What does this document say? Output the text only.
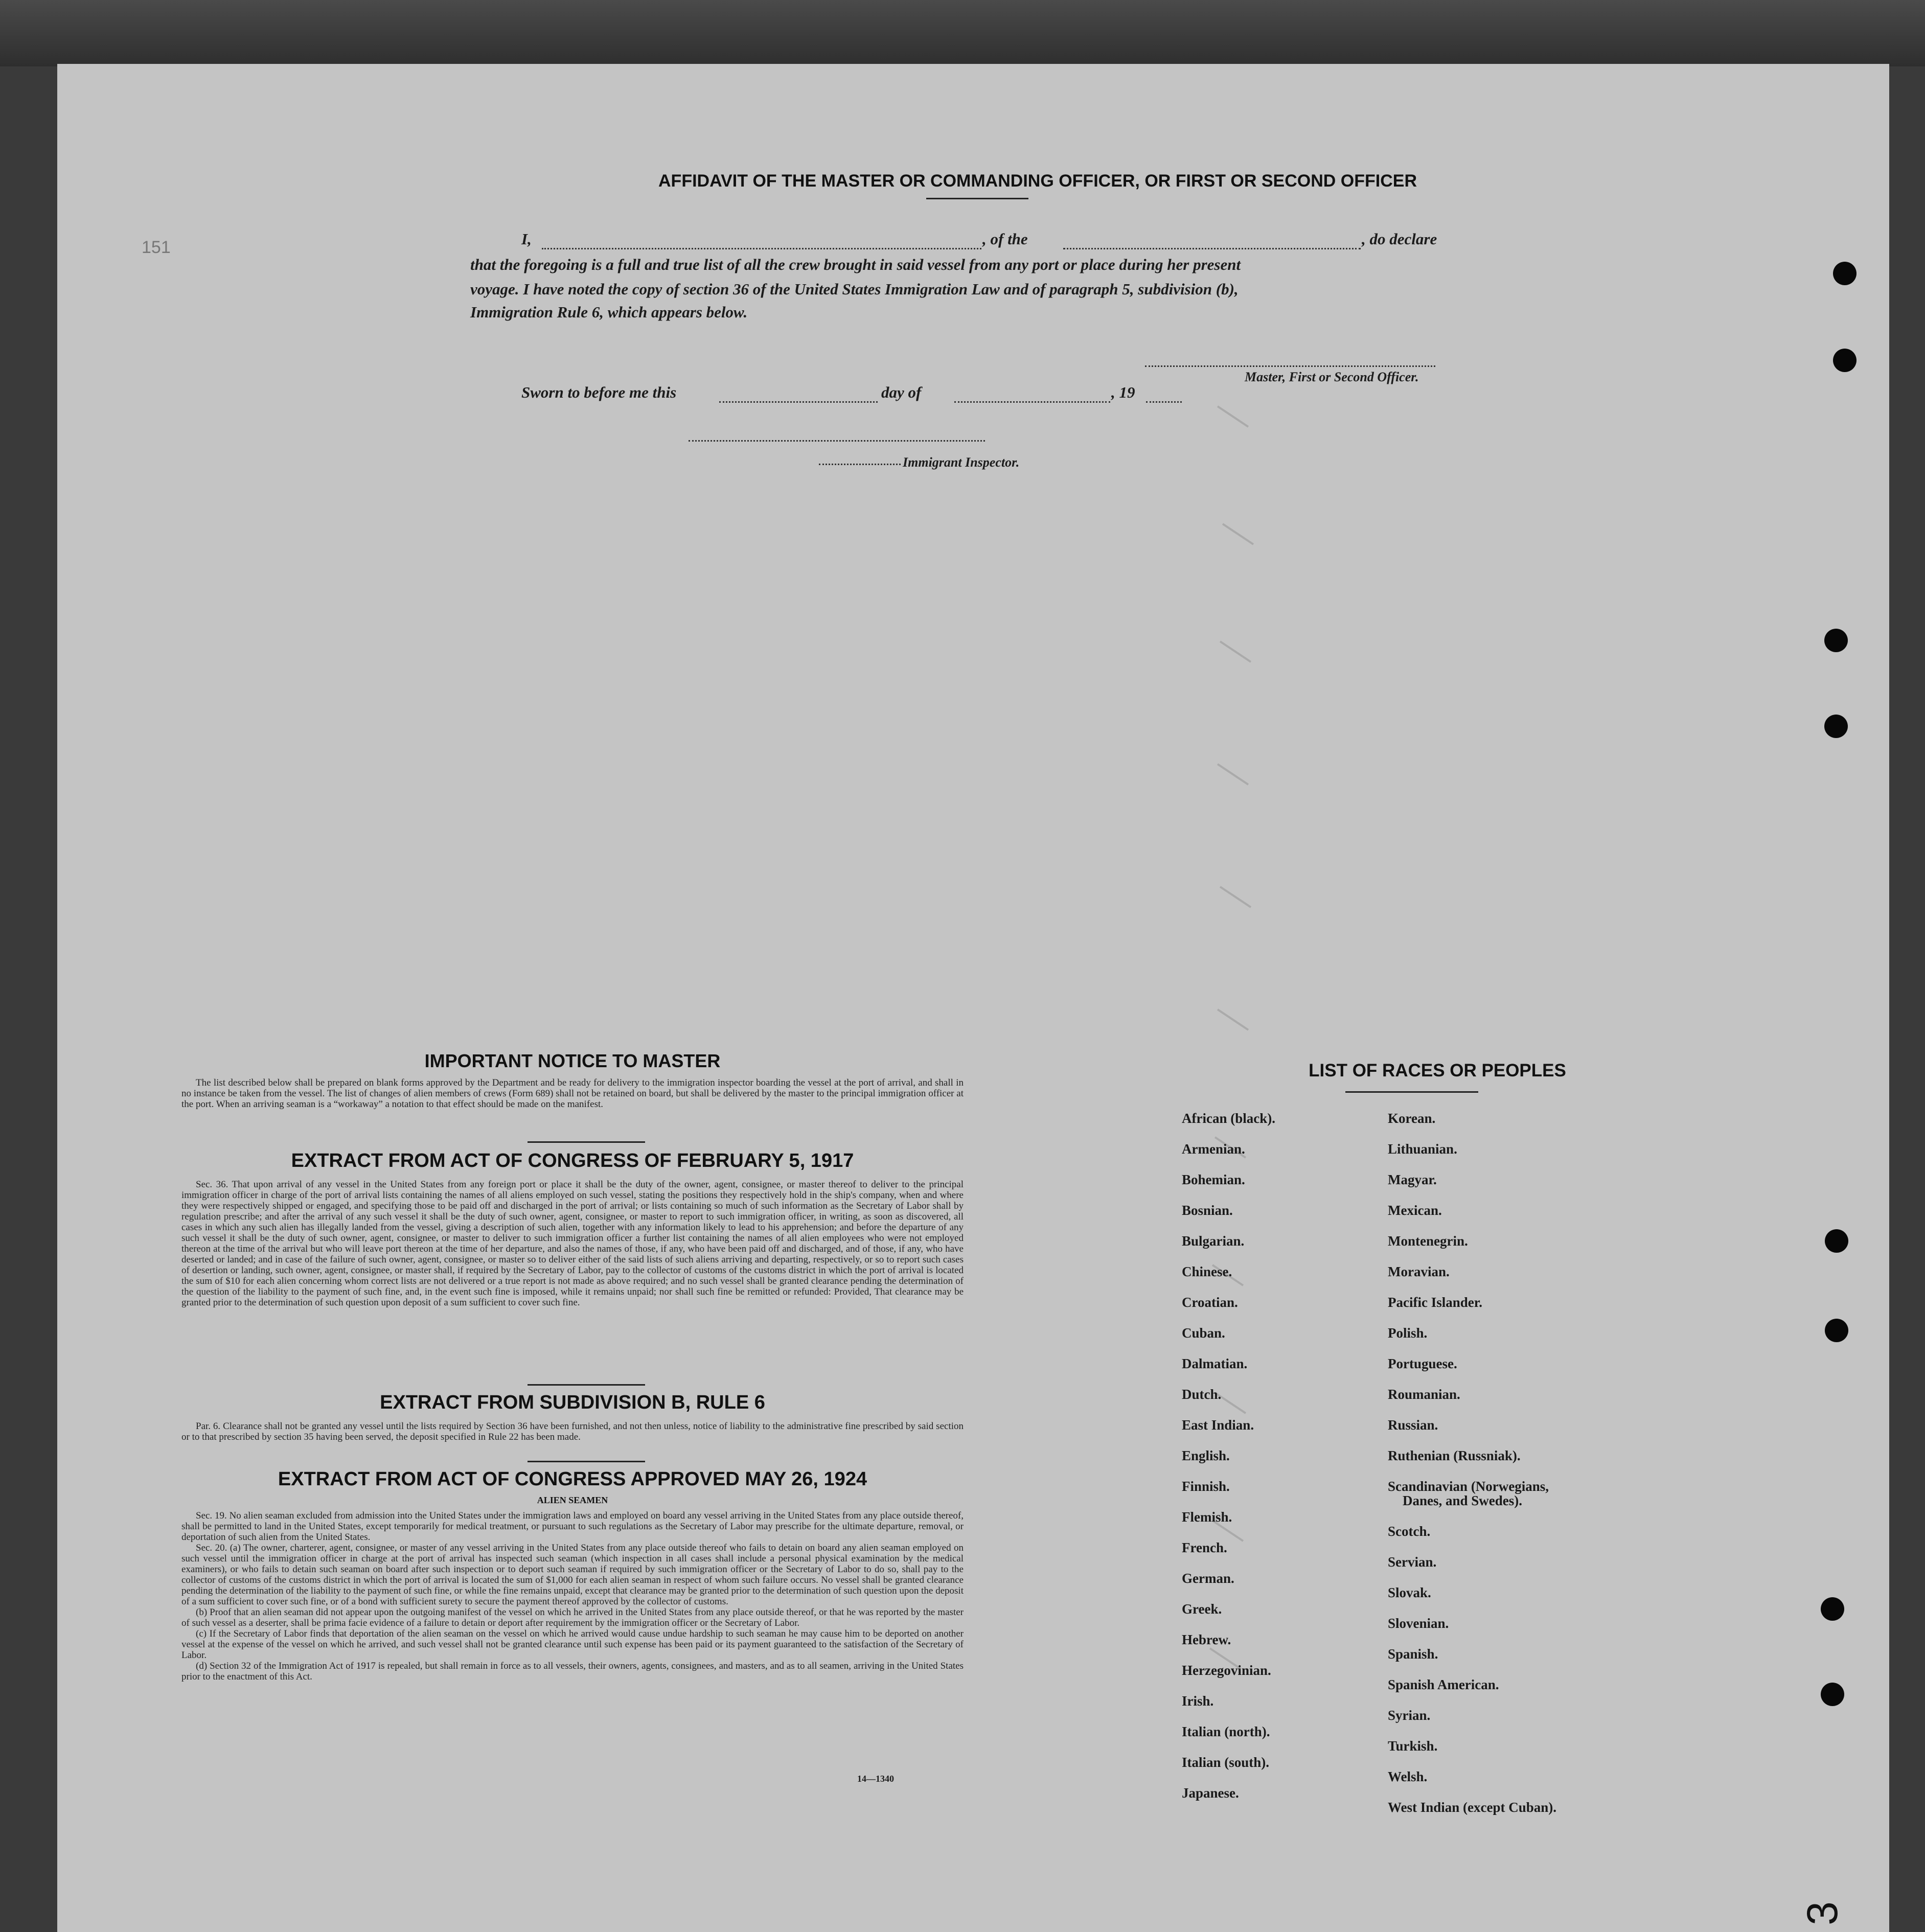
151
3
AFFIDAVIT OF THE MASTER OR COMMANDING OFFICER, OR FIRST OR SECOND OFFICER
I,	, of the	, do declare
that the foregoing is a full and true list of all the crew brought in said vessel from any port or place during her present
voyage. I have noted the copy of section 36 of the United States Immigration Law and of paragraph 5, subdivision (b),
Immigration Rule 6, which appears below.
Master, First or Second Officer.
Sworn to before me this	day of	, 19
Immigrant Inspector.
IMPORTANT NOTICE TO MASTER

The list described below shall be prepared on blank forms approved by the Department and be ready for delivery to the immigration inspector boarding the vessel at the port of arrival, and shall in no instance be taken from the vessel. The list of changes of alien members of crews (Form 689) shall not be retained on board, but shall be delivered by the master to the principal immigration officer at the port. When an arriving seaman is a “workaway” a notation to that effect should be made on the manifest.

EXTRACT FROM ACT OF CONGRESS OF FEBRUARY 5, 1917

Sec. 36. That upon arrival of any vessel in the United States from any foreign port or place it shall be the duty of the owner, agent, consignee, or master thereof to deliver to the principal immigration officer in charge of the port of arrival lists containing the names of all aliens employed on such vessel, stating the positions they respectively hold in the ship's company, when and where they were respectively shipped or engaged, and specifying those to be paid off and discharged in the port of arrival; or lists containing so much of such information as the Secretary of Labor shall by regulation prescribe; and after the arrival of any such vessel it shall be the duty of such owner, agent, consignee, or master to report to such immigration officer, in writing, as soon as discovered, all cases in which any such alien has illegally landed from the vessel, giving a description of such alien, together with any information likely to lead to his apprehension; and before the departure of any such vessel it shall be the duty of such owner, agent, consignee, or master to deliver to such immigration officer a further list containing the names of all alien employees who were not employed thereon at the time of the arrival but who will leave port thereon at the time of her departure, and also the names of those, if any, who have been paid off and discharged, and of those, if any, who have deserted or landed; and in case of the failure of such owner, agent, consignee, or master so to deliver either of the said lists of such aliens arriving and departing, respectively, or so to report such cases of desertion or landing, such owner, agent, consignee, or master shall, if required by the Secretary of Labor, pay to the collector of customs of the customs district in which the port of arrival is located the sum of $10 for each alien concerning whom correct lists are not delivered or a true report is not made as above required; and no such vessel shall be granted clearance pending the determination of the question of the liability to the payment of such fine, and, in the event such fine is imposed, while it remains unpaid; nor shall such fine be remitted or refunded: Provided, That clearance may be granted prior to the determination of such question upon deposit of a sum sufficient to cover such fine.

EXTRACT FROM SUBDIVISION B, RULE 6

Par. 6. Clearance shall not be granted any vessel until the lists required by Section 36 have been furnished, and not then unless, notice of liability to the administrative fine prescribed by said section or to that prescribed by section 35 having been served, the deposit specified in Rule 22 has been made.

EXTRACT FROM ACT OF CONGRESS APPROVED MAY 26, 1924
ALIEN SEAMEN

Sec. 19. No alien seaman excluded from admission into the United States under the immigration laws and employed on board any vessel arriving in the United States from any place outside thereof, shall be permitted to land in the United States, except temporarily for medical treatment, or pursuant to such regulations as the Secretary of Labor may prescribe for the ultimate departure, removal, or deportation of such alien from the United States.

Sec. 20. (a) The owner, charterer, agent, consignee, or master of any vessel arriving in the United States from any place outside thereof who fails to detain on board any alien seaman employed on such vessel until the immigration officer in charge at the port of arrival has inspected such seaman (which inspection in all cases shall include a personal physical examination by the medical examiners), or who fails to detain such seaman on board after such inspection or to deport such seaman if required by such immigration officer or the Secretary of Labor to do so, shall pay to the collector of customs of the customs district in which the port of arrival is located the sum of $1,000 for each alien seaman in respect of whom such failure occurs. No vessel shall be granted clearance pending the determination of the liability to the payment of such fine, or while the fine remains unpaid, except that clearance may be granted prior to the determination of such question upon the deposit of a sum sufficient to cover such fine, or of a bond with sufficient surety to secure the payment thereof approved by the collector of customs.

(b) Proof that an alien seaman did not appear upon the outgoing manifest of the vessel on which he arrived in the United States from any place outside thereof, or that he was reported by the master of such vessel as a deserter, shall be prima facie evidence of a failure to detain or deport after requirement by the immigration officer or the Secretary of Labor.

(c) If the Secretary of Labor finds that deportation of the alien seaman on the vessel on which he arrived would cause undue hardship to such seaman he may cause him to be deported on another vessel at the expense of the vessel on which he arrived, and such vessel shall not be granted clearance until such expense has been paid or its payment guaranteed to the satisfaction of the Secretary of Labor.

(d) Section 32 of the Immigration Act of 1917 is repealed, but shall remain in force as to all vessels, their owners, agents, consignees, and masters, and as to all seamen, arriving in the United States prior to the enactment of this Act.

14—1340
LIST OF RACES OR PEOPLES
African (black).
Armenian.
Bohemian.
Bosnian.
Bulgarian.
Chinese.
Croatian.
Cuban.
Dalmatian.
Dutch.
East Indian.
English.
Finnish.
Flemish.
French.
German.
Greek.
Hebrew.
Herzegovinian.
Irish.
Italian (north).
Italian (south).
Japanese.
Korean.
Lithuanian.
Magyar.
Mexican.
Montenegrin.
Moravian.
Pacific Islander.
Polish.
Portuguese.
Roumanian.
Russian.
Ruthenian (Russniak).
Scandinavian (Norwegians,
Danes, and Swedes).
Scotch.
Servian.
Slovak.
Slovenian.
Spanish.
Spanish American.
Syrian.
Turkish.
Welsh.
West Indian (except Cuban).
